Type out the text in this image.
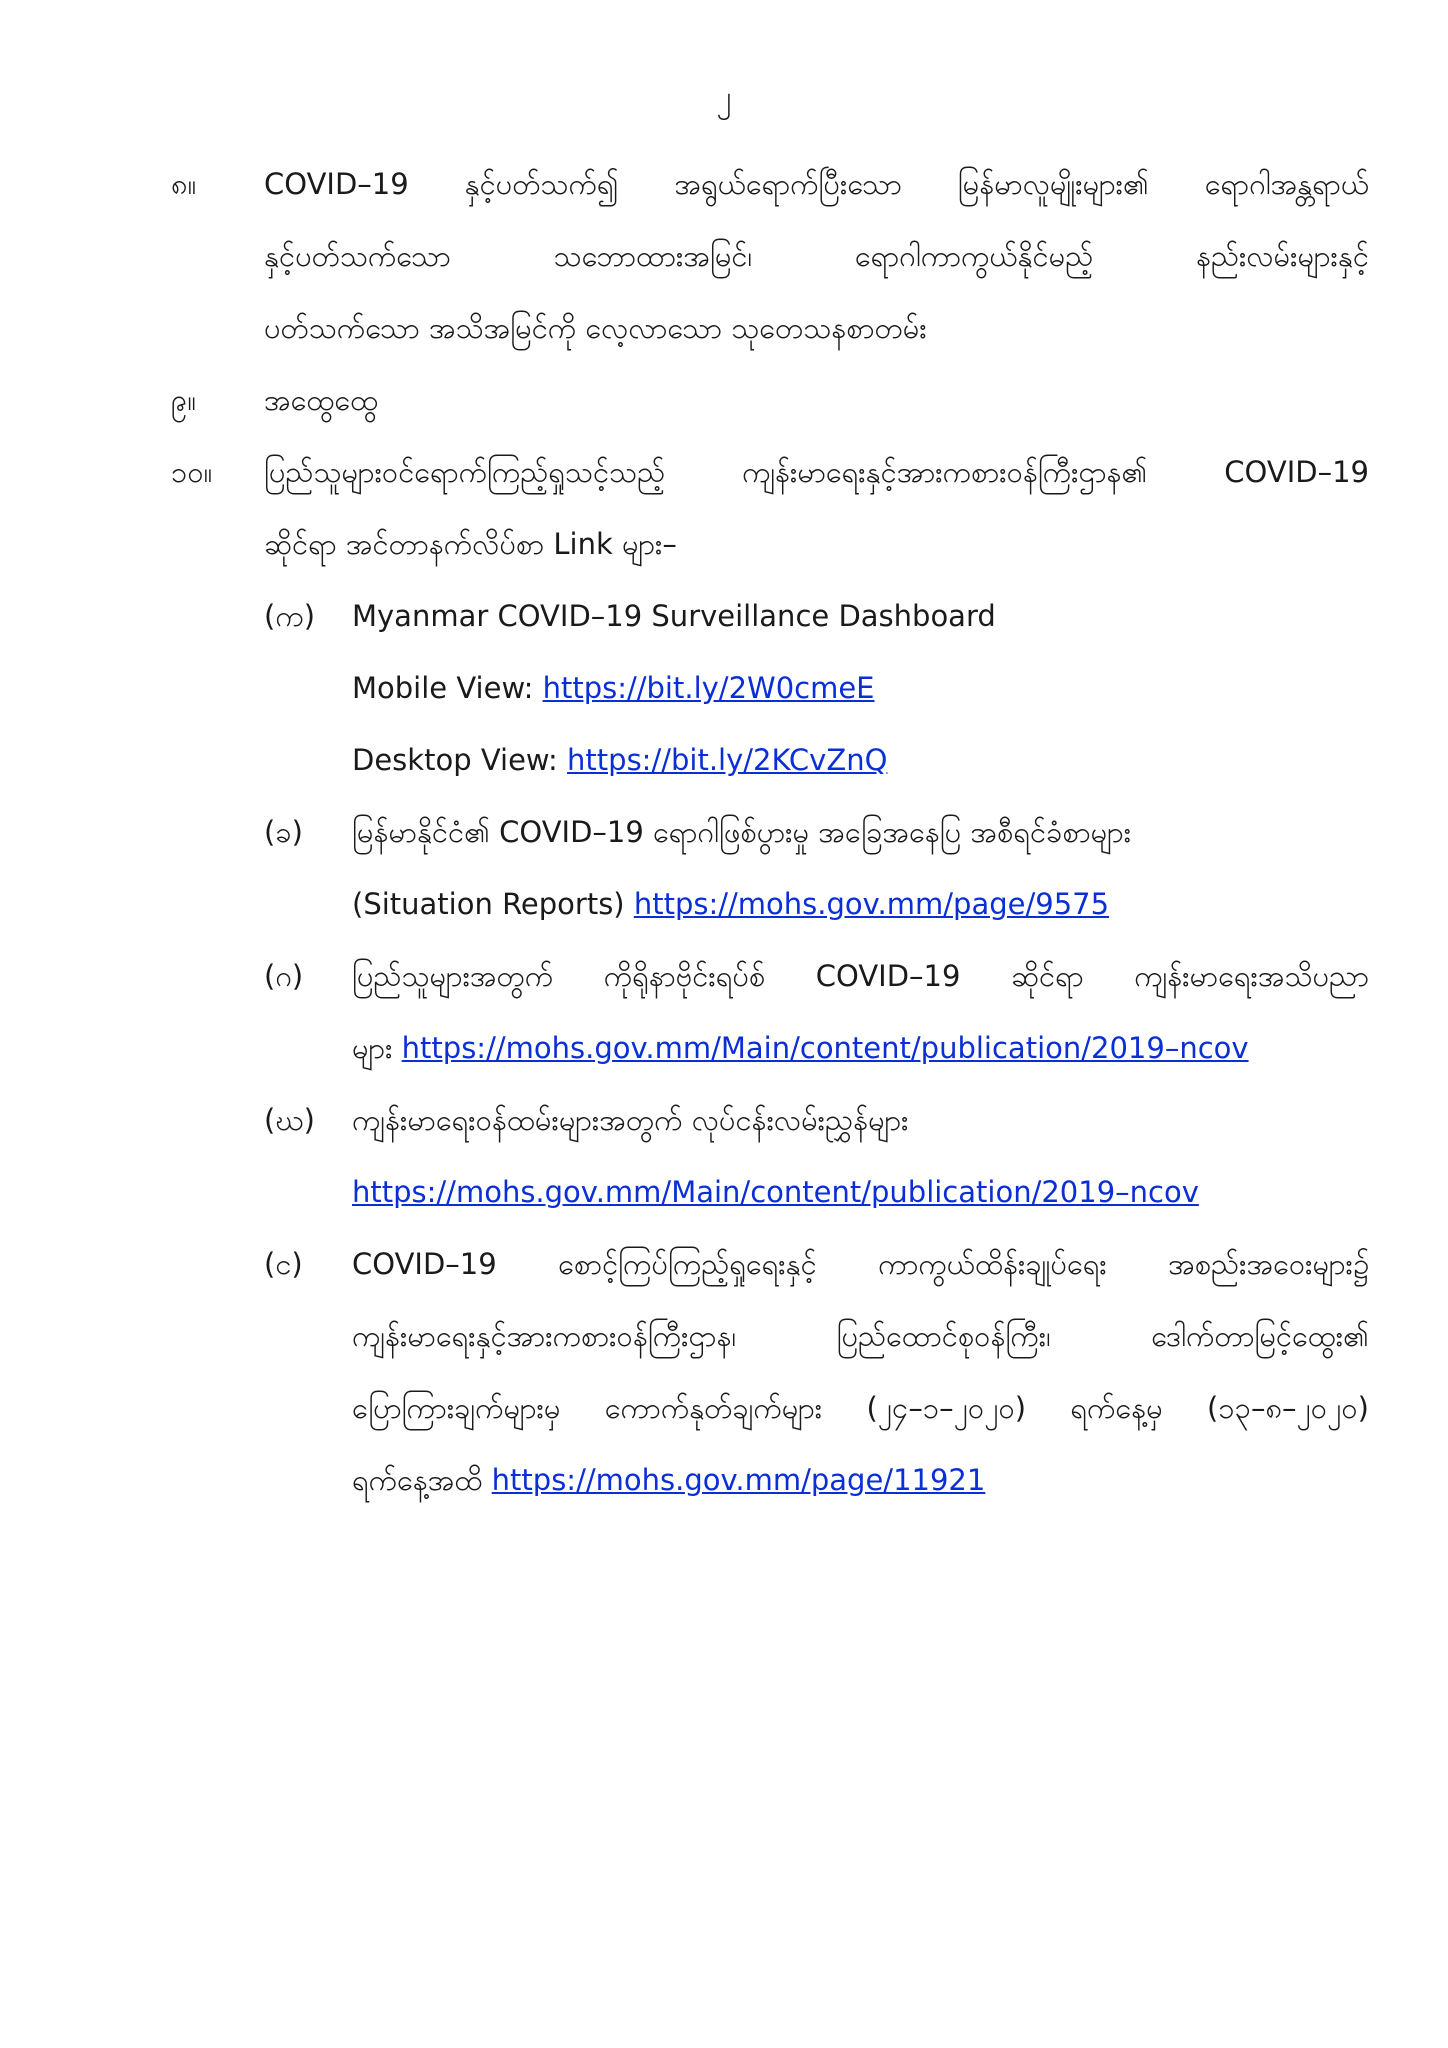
၂
၈။ COVID–19 နှင့်ပတ်သက်၍ အရွယ်ရောက်ပြီးသော မြန်မာလူမျိုးများ၏ ရောဂါအန္တရာယ်
နှင့်ပတ်သက်သော သဘောထားအမြင်၊ ရောဂါကာကွယ်နိုင်မည့် နည်းလမ်းများနှင့်
ပတ်သက်သော အသိအမြင်ကို လေ့လာသော သုတေသနစာတမ်း
၉။ အထွေထွေ
၁၀။ ပြည်သူများဝင်ရောက်ကြည့်ရှုသင့်သည့် ကျန်းမာရေးနှင့်အားကစားဝန်ကြီးဌာန၏ COVID–19
ဆိုင်ရာ အင်တာနက်လိပ်စာ Link များ–
(က) Myanmar COVID–19 Surveillance Dashboard
Mobile View: https://bit.ly/2W0cmeE
Desktop View: https://bit.ly/2KCvZnQ
(ခ) မြန်မာနိုင်ငံ၏ COVID–19 ရောဂါဖြစ်ပွားမှု အခြေအနေပြ အစီရင်ခံစာများ
(Situation Reports) https://mohs.gov.mm/page/9575
(ဂ) ပြည်သူများအတွက် ကိုရိုနာဗိုင်းရပ်စ် COVID–19 ဆိုင်ရာ ကျန်းမာရေးအသိပညာ
များ https://mohs.gov.mm/Main/content/publication/2019–ncov
(ဃ) ကျန်းမာရေးဝန်ထမ်းများအတွက် လုပ်ငန်းလမ်းညွှန်များ
https://mohs.gov.mm/Main/content/publication/2019–ncov
(င) COVID–19 စောင့်ကြပ်ကြည့်ရှုရေးနှင့် ကာကွယ်ထိန်းချုပ်ရေး အစည်းအဝေးများ၌
ကျန်းမာရေးနှင့်အားကစားဝန်ကြီးဌာန၊ ပြည်ထောင်စုဝန်ကြီး၊ ဒေါက်တာမြင့်ထွေး၏
ပြောကြားချက်များမှ ကောက်နုတ်ချက်များ (၂၄–၁–၂၀၂၀) ရက်နေ့မှ (၁၃–၈–၂၀၂၀)
ရက်နေ့အထိ https://mohs.gov.mm/page/11921
